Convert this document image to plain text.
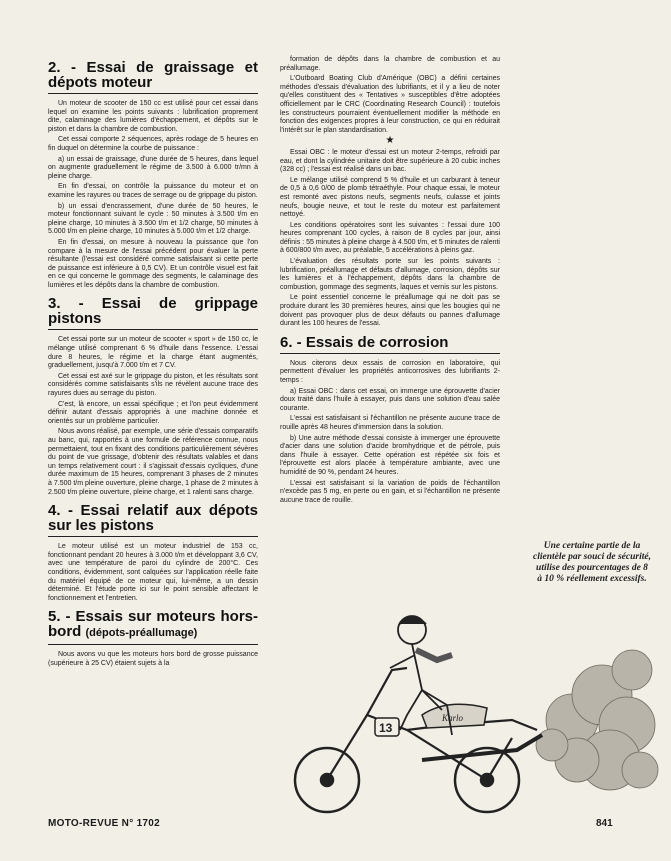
2. - Essai de graissage et dépots moteur

Un moteur de scooter de 150 cc est utilisé pour cet essai dans lequel on examine les points suivants : lubrification proprement dite, calaminage des lumières d'échappement, et dépôts sur le piston et dans la chambre de combustion.

Cet essai comporte 2 séquences, après rodage de 5 heures en fin duquel on détermine la courbe de puissance :

a) un essai de graissage, d'une durée de 5 heures, dans lequel on augmente graduellement le régime de 3.500 à 6.000 tr/mn à pleine charge.

En fin d'essai, on contrôle la puissance du moteur et on examine les rayures ou traces de serrage ou de grippage du piston.

b) un essai d'encrassement, d'une durée de 50 heures, le moteur fonctionnant suivant le cycle : 50 minutes à 3.500 t/m en pleine charge, 10 minutes à 3.500 t/m et 1/2 charge, 50 minutes à 5.000 t/m en pleine charge, 10 minutes à 5.000 t/m et 1/2 charge.

En fin d'essai, on mesure à nouveau la puissance que l'on compare à la mesure de l'essai précédent pour évaluer la perte résultante (l'essai est considéré comme satisfaisant si cette perte de puissance est inférieure à 0,5 CV). Et un contrôle visuel est fait en ce qui concerne le gommage des segments, le calaminage des lumières et les dépôts dans la chambre de combustion.

3. - Essai de grippage pistons

Cet essai porte sur un moteur de scooter « sport » de 150 cc, le mélange utilisé comprenant 6 % d'huile dans l'essence. L'essai dure 8 heures, le régime et la charge étant augmentés, graduellement, jusqu'à 7.000 t/m et 7 CV.

Cet essai est axé sur le grippage du piston, et les résultats sont considérés comme satisfaisants s'ils ne révèlent aucune trace des rayures dues au serrage du piston.

C'est, là encore, un essai spécifique ; et l'on peut évidemment définir autant d'essais appropriés à une machine donnée et orientés sur un problème particulier.

Nous avons réalisé, par exemple, une série d'essais comparatifs au banc, qui, rapportés à une formule de référence connue, nous permettaient, tout en fixant des conditions particulièrement sévères du point de vue grissage, d'obtenir des résultats valables et dans un temps relativement court : il s'agissait d'essais cycliques, d'une durée maximum de 15 heures, comprenant 3 phases de 2 minutes à 7.500 t/m pleine ouverture, pleine charge, 1 phase de 2 minutes à 2.500 t/m pleine ouverture, pleine charge, et 1 ralenti sans charge.

4. - Essai relatif aux dépots sur les pistons

Le moteur utilisé est un moteur industriel de 153 cc, fonctionnant pendant 20 heures à 3.000 t/m et développant 3,6 CV, avec une température de paroi du cylindre de 200°C. Ces conditions, évidemment, sont calquées sur l'application réelle faite du matériel équipé de ce moteur qui, lui-même, a un dessin déterminé. Et l'étude porte ici sur le point sensible affectant le fonctionnement et l'entretien.

5. - Essais sur moteurs hors-bord (dépots-préallumage)

Nous avons vu que les moteurs hors bord de grosse puissance (supérieure à 25 CV) étaient sujets à la

formation de dépôts dans la chambre de combustion et au préallumage.

L'Outboard Boating Club d'Amérique (OBC) a défini certaines méthodes d'essais d'évaluation des lubrifiants, et il y a lieu de noter qu'elles constituent des « Tentatives » susceptibles d'être adoptées officiellement par le CRC (Coordinating Research Council) : toutefois les constructeurs pourraient éventuellement modifier la méthode en fonction des exigences propres à leur construction, ce qui en réduirait l'intérêt sur le plan standardisation.

★

Essai OBC : le moteur d'essai est un moteur 2-temps, refroidi par eau, et dont la cylindrée unitaire doit être supérieure à 20 cubic inches (328 cc) ; l'essai est réalisé dans un bac.

Le mélange utilisé comprend 5 % d'huile et un carburant à teneur de 0,5 à 0,6 0/00 de plomb tétraéthyle. Pour chaque essai, le moteur est remonté avec pistons neufs, segments neufs, culasse et joints neufs, bougie neuve, et tout le reste du moteur est parfaitement nettoyé.

Les conditions opératoires sont les suivantes : l'essai dure 100 heures comprenant 100 cycles, à raison de 8 cycles par jour, ainsi définis : 55 minutes à pleine charge à 4.500 t/m, et 5 minutes de ralenti à 600/800 t/m avec, au préalable, 5 accélérations à pleins gaz.

L'évaluation des résultats porte sur les points suivants : lubrification, préallumage et défauts d'allumage, corrosion, dépôts sur les lumières et à l'échappement, dépôts dans la chambre de combustion, gommage des segments, laques et vernis sur les pistons.

Le point essentiel concerne le préallumage qui ne doit pas se produire durant les 30 premières heures, ainsi que les bougies qui ne doivent pas provoquer plus de deux défauts ou pannes d'allumage durant les 100 heures de l'essai.

6. - Essais de corrosion

Nous citerons deux essais de corrosion en laboratoire, qui permettent d'évaluer les propriétés anticorrosives des lubrifiants 2-temps :

a) Essai OBC : dans cet essai, on immerge une éprouvette d'acier doux traité dans l'huile à essayer, puis dans une solution d'eau salée courante.

L'essai est satisfaisant si l'échantillon ne présente aucune trace de rouille après 48 heures d'immersion dans la solution.

b) Une autre méthode d'essai consiste à immerger une éprouvette d'acier dans une solution d'acide bromhydrique et de pétrole, puis dans l'huile à essayer. Cette opération est répétée six fois et l'éprouvette est alors placée à température ambiante, avec une humidité de 90 %, pendant 24 heures.

L'essai est satisfaisant si la variation de poids de l'échantillon n'excède pas 5 mg, en perte ou en gain, et si l'échantillon ne présente aucune trace de rouille.

Une certaine partie de la clientèle par souci de sécurité, utilise des pourcentages de 8 à 10 % réellement excessifs.
Karlo
13
MOTO-REVUE N° 1702	841
